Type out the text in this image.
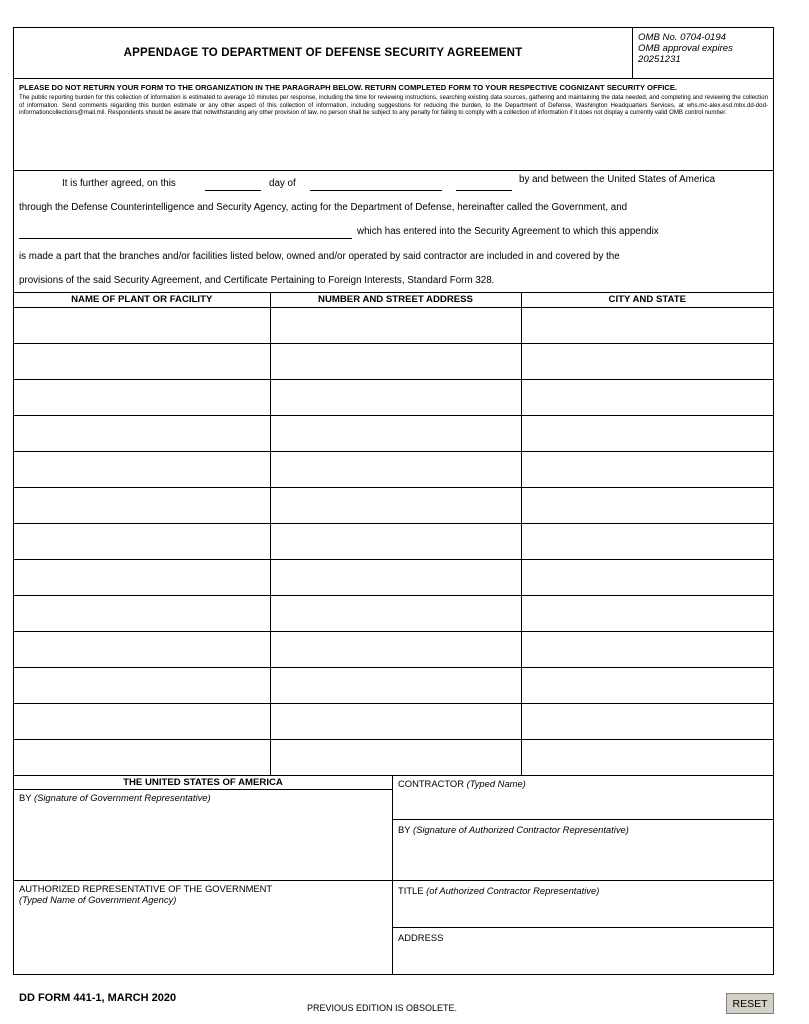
APPENDAGE TO DEPARTMENT OF DEFENSE SECURITY AGREEMENT
OMB No. 0704-0194
OMB approval expires
20251231
PLEASE DO NOT RETURN YOUR FORM TO THE ORGANIZATION IN THE PARAGRAPH BELOW. RETURN COMPLETED FORM TO YOUR RESPECTIVE COGNIZANT SECURITY OFFICE.
The public reporting burden for this collection of information is estimated to average 10 minutes per response, including the time for reviewing instructions, searching existing data sources, gathering and maintaining the data needed, and completing and reviewing the collection of information. Send comments regarding this burden estimate or any other aspect of this collection of information, including suggestions for reducing the burden, to the Department of Defense, Washington Headquarters Services, at whs.mc-alex.esd.mbx.dd-dod-informationcollections@mail.mil. Respondents should be aware that notwithstanding any other provision of law, no person shall be subject to any penalty for failing to comply with a collection of information if it does not display a currently valid OMB control number.
It is further agreed, on this	day of	by and between the United States of America
through the Defense Counterintelligence and Security Agency, acting for the Department of Defense, hereinafter called the Government, and
which has entered into the Security Agreement to which this appendix
is made a part that the branches and/or facilities listed below, owned and/or operated by said contractor are included in and covered by the
provisions of the said Security Agreement, and Certificate Pertaining to Foreign Interests, Standard Form 328.
NAME OF PLANT OR FACILITY	NUMBER AND STREET ADDRESS	CITY AND STATE

THE UNITED STATES OF AMERICA
BY (Signature of Government Representative)
AUTHORIZED REPRESENTATIVE OF THE GOVERNMENT
(Typed Name of Government Agency)
CONTRACTOR (Typed Name)
BY (Signature of Authorized Contractor Representative)
TITLE (of Authorized Contractor Representative)
ADDRESS
DD FORM 441-1, MARCH 2020
PREVIOUS EDITION IS OBSOLETE.	RESET
